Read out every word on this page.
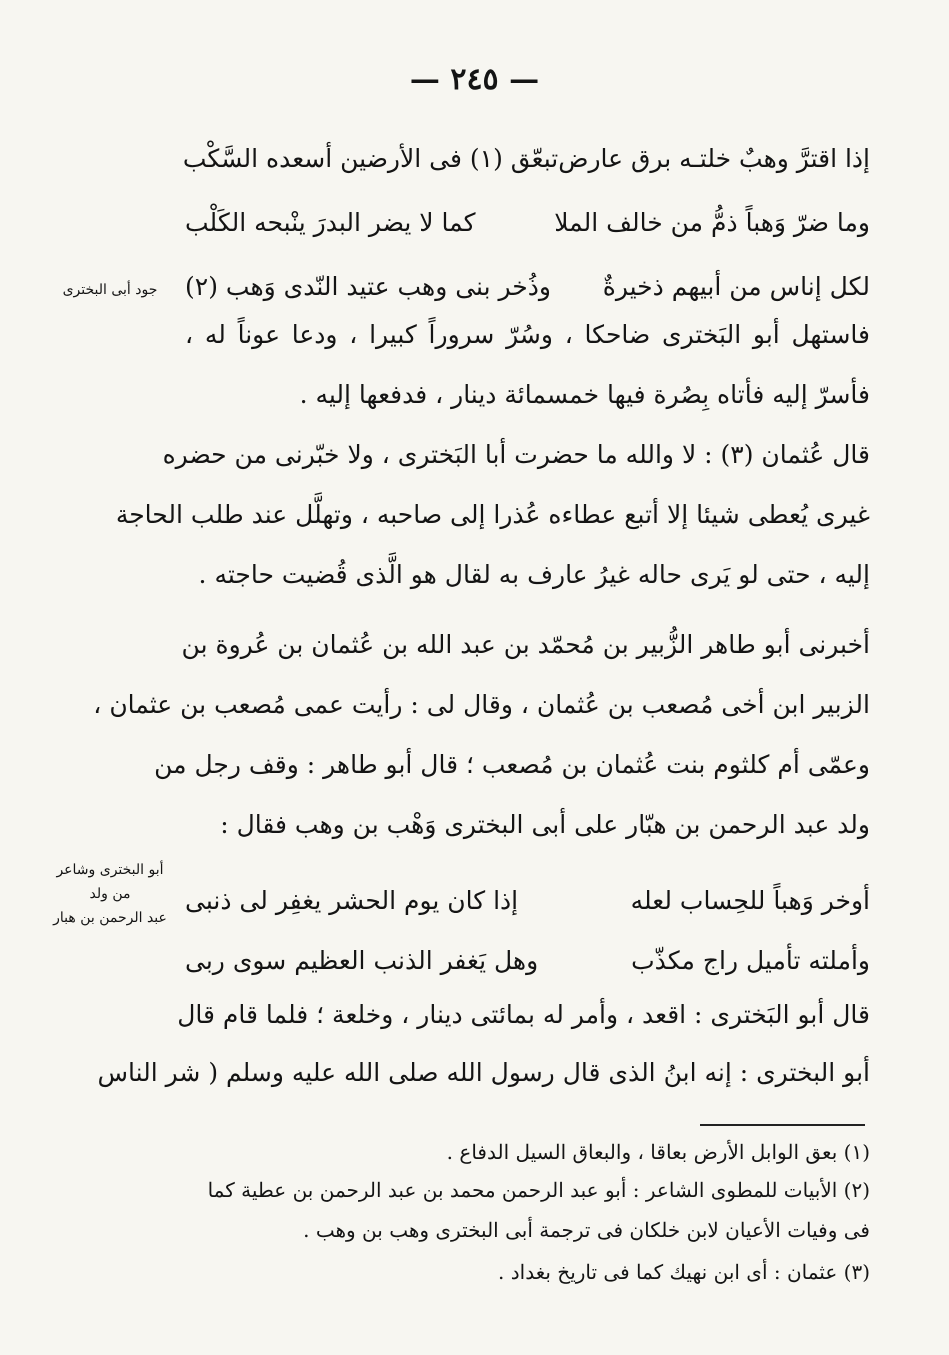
— ٢٤٥ —
جود أبى البخترى
أبو البخترى وشاعر
من ولد
عبد الرحمن بن هبار
إذا اقترَّ وهبٌ خلتـه برق عارض
تبعّق (١) فى الأرضين أسعده السَّكْب
وما ضرّ وَهباً ذمُّ من خالف الملا
كما لا يضر البدرَ ينْبحه الكَلْب
لكل إناس من أبيهم ذخيرةٌ
وذُخر بنى وهب عتيد النّدى وَهب (٢)
فاستهل أبو البَخترى ضاحكا ، وسُرّ سروراً كبيرا ، ودعا عوناً له ،
فأسرّ إليه فأتاه بِصُرة فيها خمسمائة دينار ، فدفعها إليه .
قال عُثمان (٣) : لا والله ما حضرت أبا البَخترى ، ولا خبّرنى من حضره
غيرى يُعطى شيئا إلا أتبع عطاءه عُذرا إلى صاحبه ، وتهلَّل عند طلب الحاجة
إليه ، حتى لو يَرى حاله غيرُ عارف به لقال هو الَّذى قُضيت حاجته .
أخبرنى أبو طاهر الزُّبير بن مُحمّد بن عبد الله بن عُثمان بن عُروة بن
الزبير ابن أخى مُصعب بن عُثمان ، وقال لى : رأيت عمى مُصعب بن عثمان ،
وعمّى أم كلثوم بنت عُثمان بن مُصعب ؛ قال أبو طاهر : وقف رجل من
ولد عبد الرحمن بن هبّار على أبى البخترى وَهْب بن وهب فقال :
أوخر وَهباً للحِساب لعله
إذا كان يوم الحشر يغفِر لى ذنبى
وأملته تأميل راج مكذّب
وهل يَغفر الذنب العظيم سوى ربى
قال أبو البَخترى : اقعد ، وأمر له بمائتى دينار ، وخلعة ؛ فلما قام قال
أبو البخترى : إنه ابنُ الذى قال رسول الله صلى الله عليه وسلم ( شر الناس
(١) بعق الوابل الأرض بعاقا ، والبعاق السيل الدفاع .
(٢) الأبيات للمطوى الشاعر : أبو عبد الرحمن محمد بن عبد الرحمن بن عطية كما
فى وفيات الأعيان لابن خلكان فى ترجمة أبى البخترى وهب بن وهب .
(٣) عثمان : أى ابن نهيك كما فى تاريخ بغداد .
